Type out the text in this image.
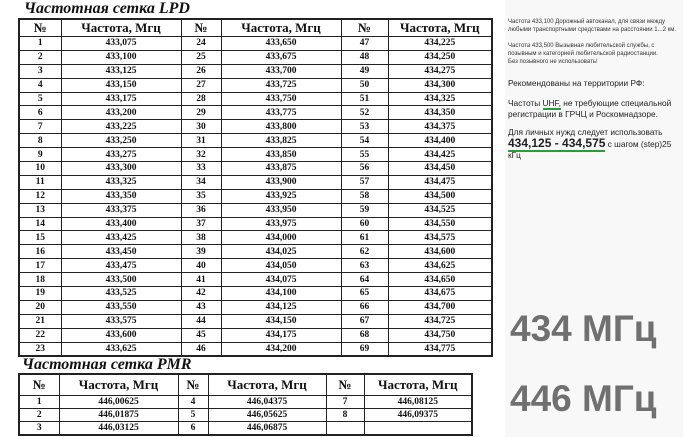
Частотная сетка LPD
№	Частота, Мгц	№	Частота, Мгц	№	Частота, Мгц
1	433,075	24	433,650	47	434,225
2	433,100	25	433,675	48	434,250
3	433,125	26	433,700	49	434,275
4	433,150	27	433,725	50	434,300
5	433,175	28	433,750	51	434,325
6	433,200	29	433,775	52	434,350
7	433,225	30	433,800	53	434,375
8	433,250	31	433,825	54	434,400
9	433,275	32	433,850	55	434,425
10	433,300	33	433,875	56	434,450
11	433,325	34	433,900	57	434,475
12	433,350	35	433,925	58	434,500
13	433,375	36	433,950	59	434,525
14	433,400	37	433,975	60	434,550
15	433,425	38	434,000	61	434,575
16	433,450	39	434,025	62	434,600
17	433,475	40	434,050	63	434,625
18	433,500	41	434,075	64	434,650
19	433,525	42	434,100	65	434,675
20	433,550	43	434,125	66	434,700
21	433,575	44	434,150	67	434,725
22	433,600	45	434,175	68	434,750
23	433,625	46	434,200	69	434,775
Частотная сетка PMR
№	Частота, Мгц	№	Частота, Мгц	№	Частота, Мгц
1	446,00625	4	446,04375	7	446,08125
2	446,01875	5	446,05625	8	446,09375
3	446,03125	6	446,06875		
Частота 433,100 Дорожный автоканал, для связи между любыми транспортными средствами на расстоянии 1...2 км.
Частота 433,500 Вызывная любительской службы, с позывным и категорией любительской радиостанции.
Без позывного не использовать!
Рекомендованы на территории РФ:
Частоты UHF, не требующие специальной регистрации в ГРЧЦ и Роскомнадзоре.
Для личных нужд следует использовать
434,125 - 434,575 с шагом (step)25 кГц
434 МГц
446 МГц
